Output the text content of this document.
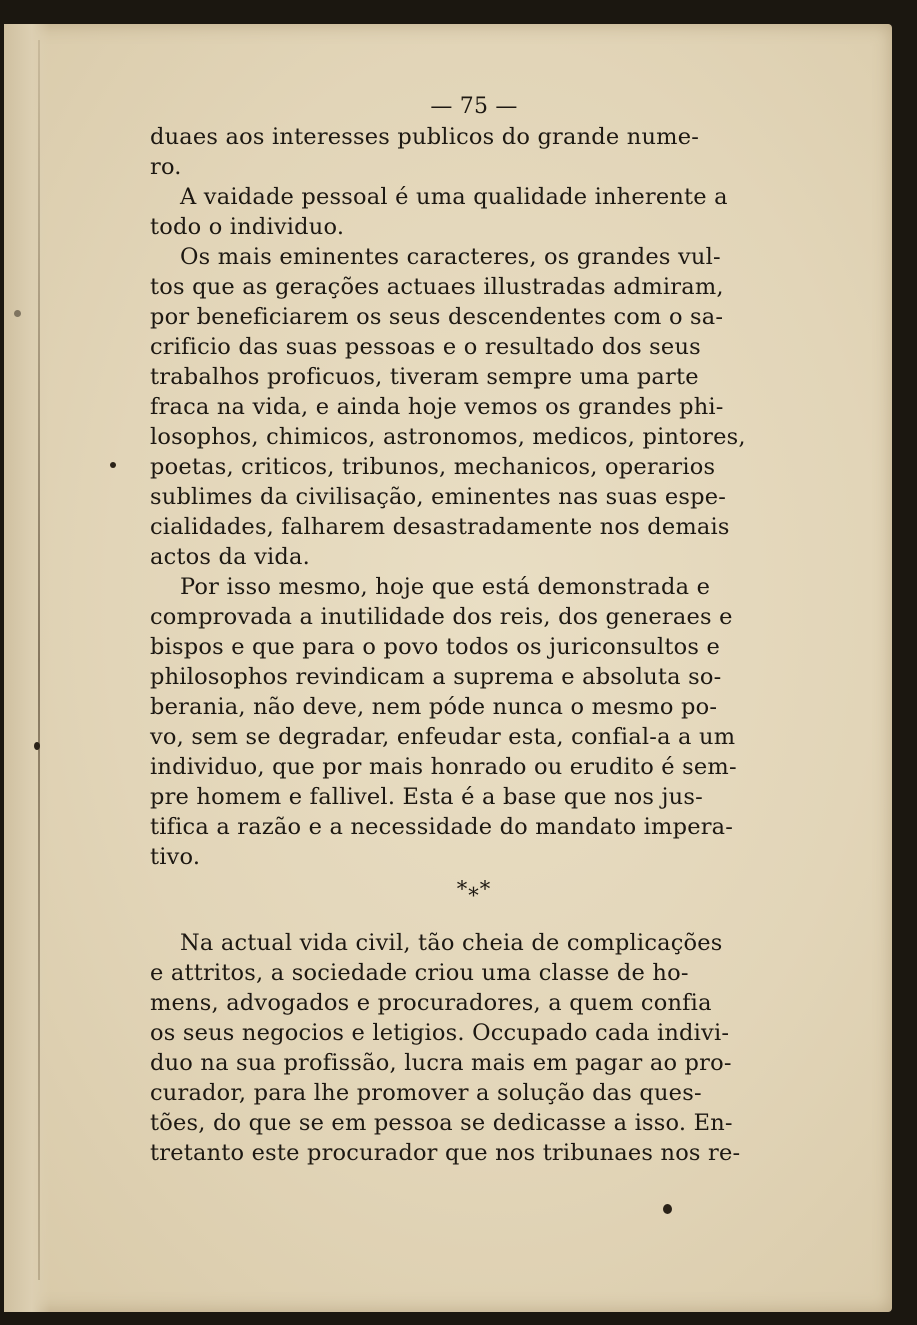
— 75 —
duaes aos interesses publicos do grande nume-
ro.
A vaidade pessoal é uma qualidade inherente a
todo o individuo.
Os mais eminentes caracteres, os grandes vul-
tos que as gerações actuaes illustradas admiram,
por beneficiarem os seus descendentes com o sa-
crificio das suas pessoas e o resultado dos seus
trabalhos proficuos, tiveram sempre uma parte
fraca na vida, e ainda hoje vemos os grandes phi-
losophos, chimicos, astronomos, medicos, pintores,
poetas, criticos, tribunos, mechanicos, operarios
sublimes da civilisação, eminentes nas suas espe-
cialidades, falharem desastradamente nos demais
actos da vida.
Por isso mesmo, hoje que está demonstrada e
comprovada a inutilidade dos reis, dos generaes e
bispos e que para o povo todos os juriconsultos e
philosophos revindicam a suprema e absoluta so-
berania, não deve, nem póde nunca o mesmo po-
vo, sem se degradar, enfeudar esta, confial-a a um
individuo, que por mais honrado ou erudito é sem-
pre homem e fallivel. Esta é a base que nos jus-
tifica a razão e a necessidade do mandato impera-
tivo.
*⁎*
Na actual vida civil, tão cheia de complicações
e attritos, a sociedade criou uma classe de ho-
mens, advogados e procuradores, a quem confia
os seus negocios e letigios. Occupado cada indivi-
duo na sua profissão, lucra mais em pagar ao pro-
curador, para lhe promover a solução das ques-
tões, do que se em pessoa se dedicasse a isso. En-
tretanto este procurador que nos tribunaes nos re-
